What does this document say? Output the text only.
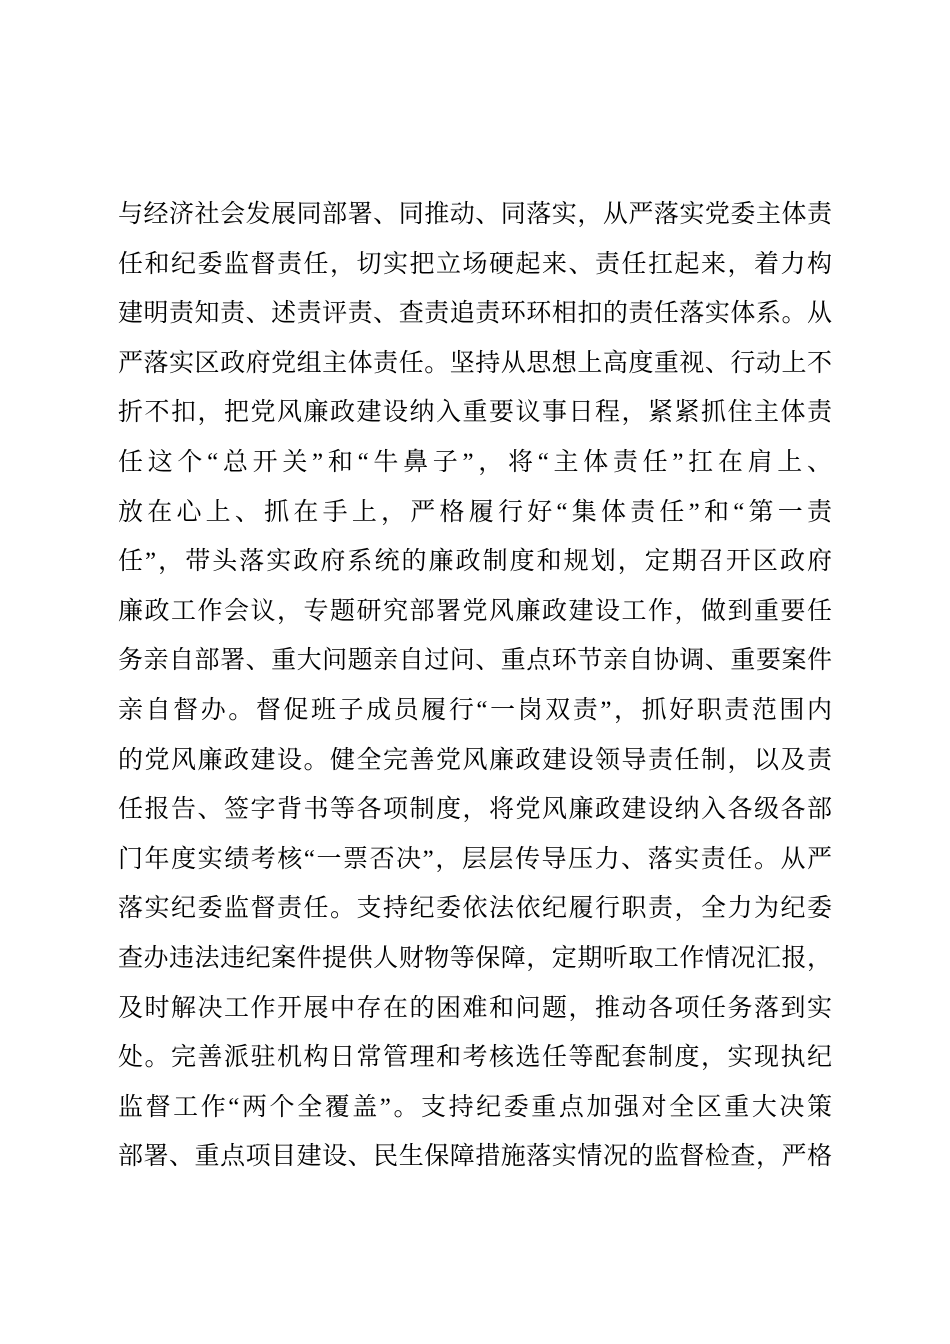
与经济社会发展同部署、同推动、同落实，从严落实党委主体责
任和纪委监督责任，切实把立场硬起来、责任扛起来，着力构
建明责知责、述责评责、查责追责环环相扣的责任落实体系。从
严落实区政府党组主体责任。坚持从思想上高度重视、行动上不
折不扣，把党风廉政建设纳入重要议事日程，紧紧抓住主体责
任这个“总开关”和“牛鼻子”，将“主体责任”扛在肩上、
放在心上、抓在手上，严格履行好“集体责任”和“第一责
任”，带头落实政府系统的廉政制度和规划，定期召开区政府
廉政工作会议，专题研究部署党风廉政建设工作，做到重要任
务亲自部署、重大问题亲自过问、重点环节亲自协调、重要案件
亲自督办。督促班子成员履行“一岗双责”，抓好职责范围内
的党风廉政建设。健全完善党风廉政建设领导责任制，以及责
任报告、签字背书等各项制度，将党风廉政建设纳入各级各部
门年度实绩考核“一票否决”，层层传导压力、落实责任。从严
落实纪委监督责任。支持纪委依法依纪履行职责，全力为纪委
查办违法违纪案件提供人财物等保障，定期听取工作情况汇报，
及时解决工作开展中存在的困难和问题，推动各项任务落到实
处。完善派驻机构日常管理和考核选任等配套制度，实现执纪
监督工作“两个全覆盖”。支持纪委重点加强对全区重大决策
部署、重点项目建设、民生保障措施落实情况的监督检查，严格
